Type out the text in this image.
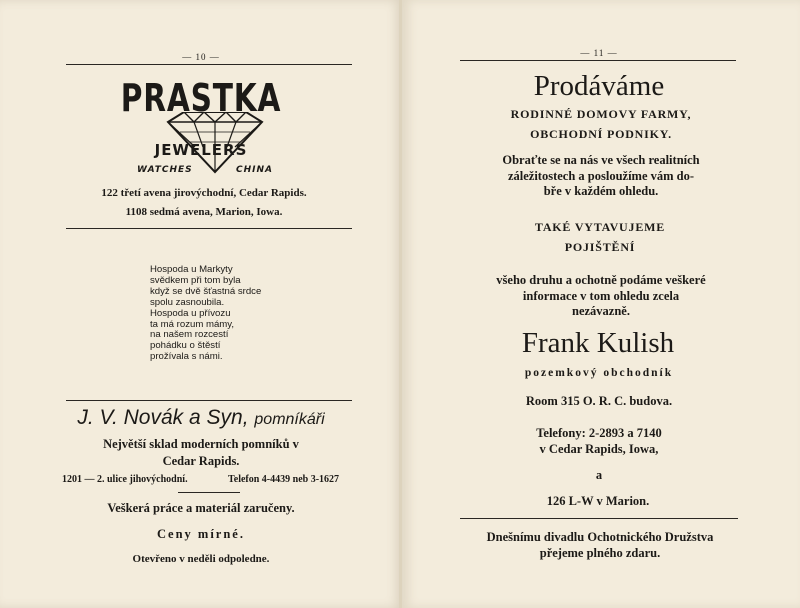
— 10 —
PRASTKA
JEWELERS
WATCHES	CHINA
122 třetí avena jirovýchodní, Cedar Rapids.
1108 sedmá avena, Marion, Iowa.
Hospoda u Markyty
svědkem při tom byla
když se dvě šťastná srdce
spolu zasnoubila.
Hospoda u přívozu
ta má rozum mámy,
na našem rozcestí
pohádku o štěstí
prožívala s námi.
J. V. Novák a Syn, pomníkáři
Největší sklad moderních pomníků v
Cedar Rapids.
1201 — 2. ulice jihovýchodní.	Telefon 4-4439 neb 3-1627
Veškerá práce a materiál zaručeny.
Ceny mírné.
Otevřeno v neděli odpoledne.
— 11 —
Prodáváme
RODINNÉ DOMOVY FARMY,
OBCHODNÍ PODNIKY.
Obraťte se na nás ve všech realitních
záležitostech a posloužíme vám do-
bře v každém ohledu.
TAKÉ VYTAVUJEME
POJIŠTĚNÍ
všeho druhu a ochotně podáme veškeré
informace v tom ohledu zcela
nezávazně.
Frank Kulish
pozemkový obchodník
Room 315 O. R. C. budova.
Telefony: 2-2893 a 7140
v Cedar Rapids, Iowa,
a
126 L-W v Marion.
Dnešnímu divadlu Ochotnického Družstva
přejeme plného zdaru.
